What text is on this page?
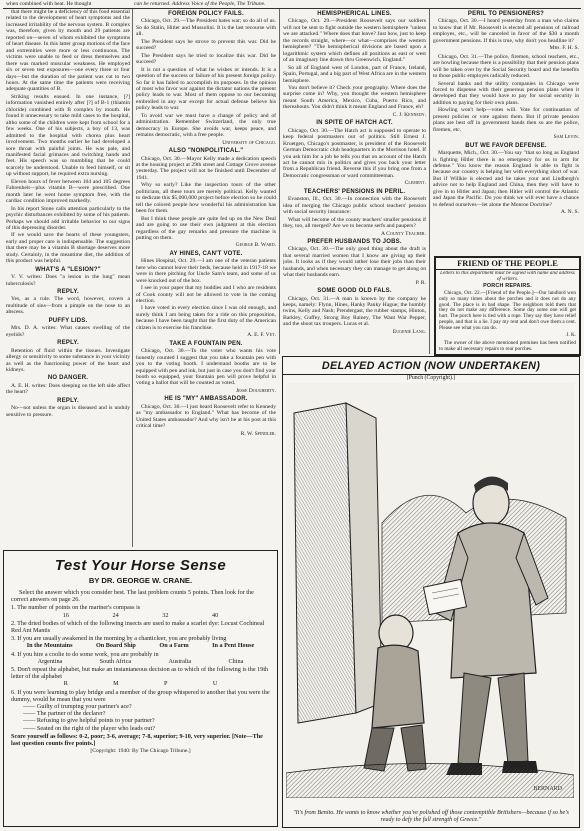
when combined with heat. He thought	can be returned. Address Voice of the People, The Tribune.

that there might be a deficiency of this food essential related to the development of heart symptoms and the increased irritability of the nervous system. B complex was, therefore, given by mouth and 29 patients are reported on—seven of whom exhibited the symptoms of heart disease. In this latter group motions of the face and extremities were more or less continuous. The victims were unable to feed or dress themselves and there was marked muscular weakness. He employed six or seven test exposures—one every three or four days—but the duration of the patient was cut to two hours. At the same time the patients were receiving adequate quantities of B.

Striking results ensued. In one instance, [?] information vanished entirely after [?] of B-1 (thiamin chloride) combined with B complex by mouth. He found it unnecessary to take mild cases to the hospital, altho some of the children were kept from school for a few weeks. One of his subjects, a boy of 13, was admitted to the hospital with chorea plus heart involvement. Two months earlier he had developed a sore throat with painful joints. He was pale, and manifested facial grimaces and twitching hands and feet. His speech was so mumbling that he could scarcely be understood. Unable to feed himself, or sit up without support, he required extra nursing.

Eleven hours of fever between 104 and 105 degrees Fahrenheit—plus vitamin B—were prescribed. One month later he went home symptom free, with the cardiac condition improved markedly.

In his report Stone calls attention particularly to the psychic disturbances exhibited by some of his patients. Perhaps we should add irritable behavior to our signs of this depressing disorder.

If we would save the hearts of these youngsters, early and proper care is indispensable. The suggestion that there may be a vitamin B shortage deserves more study. Certainly, in the meantime diet, the addition of this product was helpful.

WHAT'S A "LESION?"

V. V. writes: Does "a lesion in the lung" mean tuberculosis?

REPLY.

Yes, as a rule. The word, however, covers a multitude of sins—from a pimple on the nose to an abscess.

PUFFY LIDS.

Mrs. D. A. writes: What causes swelling of the eyelids?

REPLY.

Retention of fluid within the tissues. Investigate allergy or sensitivity to some substance in your vicinity as well as the functioning power of the heart and kidneys.

NO DANGER.

A. E. H. writes: Does sleeping on the left side affect the heart?

REPLY.

No—not unless the organ is diseased and is unduly sensitive to pressure.

FOREIGN POLICY FAILS.

Chicago, Oct. 29.—The President hates war; so do all of us. So do Stalin, Hitler and Mussolini. It is the last recourse with all.

The President says he strove to prevent this war. Did he succeed?

The President says he tried to localize this war. Did he succeed?

It is not a question of what he wishes or intends. It is a question of the success or failure of his present foreign policy. So far it has failed to accomplish its purposes. In the opinion of most who favor war against the dictator nations the present policy leads to war. Most of them oppose to our becoming embroiled in any war except for actual defense believe his policy leads to war.

To avoid war we must have a change of policy and of administration. Remember Switzerland, the only true democracy in Europe. She avoids war, keeps peace, and remains democratic, with a free people.

University of Chicago.
ALSO "NONPOLITICAL."

Chicago, Oct. 30.—Mayor Kelly made a dedication speech at the housing project at 29th street and Cottage Grove avenue yesterday. The project will not be finished until December of 1941.

Why so early? Like the inspection tours of the other politicians, all these tours are merely political. Kelly wanted to dedicate this $5,000,000 project before election so he could tell the colored people how wonderful his administration has been for them.

But I think these people are quite fed up on the New Deal and are going to use their own judgment at this election regardless of the gay remarks and pressure the machine is putting on them.

George B. Ward.
AY HINES, CAN'T VOTE.

Hines Hospital, Oct. 29.—I am one of the veteran patients here who cannot leave their beds, because held in 1917-18 we were in there pitching for Uncle Sam's team, and some of us were knocked out of the box.

I see in your paper that my buddies and I who are residents of Cook county will not be allowed to vote in the coming election.

I have voted in every election since I was old enough, and surely think I am being taken for a ride on this proposition, because I have been taught that the first duty of the American citizen is to exercise his franchise.

A. E. F. Vet.
TAKE A FOUNTAIN PEN.

Chicago, Oct. 30.—To the voter who wants his vote honestly counted I suggest that you take a fountain pen with you to the voting booth. I understand booths are to be equipped with pen and ink, but just in case you don't find your booth so equipped, your fountain pen will prove helpful in voting a ballot that will be counted as voted.

Jesse Dougherty.
HE IS "MY" AMBASSADOR.

Chicago, Oct. 30.—I just heard Roosevelt refer to Kennedy as "my ambassador to England." What has become of the United States ambassador? And why isn't he at his post at this critical time?

R. W. Spindler.
HEMISPHERICAL LINES.

Chicago, Oct. 29.—President Roosevelt says our soldiers will not be sent to fight outside the western hemisphere "unless we are attacked." Where does that leave? Just how, just to keep the records straight, where—or what—comprises the western hemisphere? "The hemispherical divisions are based upon a logarithmic system which defines all positions as east or west of an imaginary line drawn thru Greenwich, England."

So all of England west of London, part of France, Ireland, Spain, Portugal, and a big part of West Africa are in the western hemisphere.

You don't believe it? Check your geography. Where does the surprise come in? Why, you thought the western hemisphere meant South America, Mexico, Cuba, Puerto Rico, and thereabouts. You didn't think it meant England and France, eh?

C. J. Kennedy.
IN SPITE OF HATCH ACT.

Chicago, Oct. 30.—The Hatch act is supposed to operate to keep federal postmasters out of politics. Still Ernest J. Kruetgen, Chicago's postmaster, is president of the Roosevelt German Democratic club headquarters in the Morrison hotel. If you ask him for a job he tells you that on account of the Hatch act he cannot mix in politics and gives you back your letter from a Republican friend. Reverse this if you bring one from a Democratic congressman or ward committeeman.

Clement.
TEACHERS' PENSIONS IN PERIL.

Evanston, Ill., Oct. 30.—In connection with the Roosevelt idea of merging the Chicago public school teachers' pension with social security insurance:

What will become of the county teachers' smaller pensions if they, too, all merged? Are we to become serfs and paupers?

A County Teacher.
PREFER HUSBANDS TO JOBS.

Chicago, Oct. 30.—The only good thing about the draft is that several married women that I know are giving up their jobs. It looks as if they would rather lose their jobs than their husbands, and when necessary they can manage to get along on what their husbands earn.

P. R.
SOME GOOD OLD FALS.

Chicago, Oct. 31.—A man is known by the company he keeps, namely: Flynn, Hines, Hanky Panky Hague; the humbly twins, Kelly and Nash; Prendergast, the rubber stamps, Hinton, Barkley, Guffey, Strong Boy Rainey, The Want War Pepper, and the shoot tax troupers. Lucas et al.

Eugenie Lang.
PERIL TO PENSIONERS?

Chicago, Oct. 30.—I heard yesterday from a man who claims to know that if Mr. Roosevelt is elected all pensions of railroad employes, etc., will be canceled in favor of the $30 a month government pensions. If this is true, why don't you headline it?

Mrs. F. H. S.

Chicago, Oct. 31.—The police, firemen, school teachers, etc., are howling because there is a possibility that their pension plans will be taken over by the Social Security board and the benefits to those public employes radically reduced.

Several banks and the utility companies in Chicago were forced to dispense with their generous pension plans when it developed that they would have to pay for social security in addition to paying for their own plans.

Howling won't help—votes will. Vote for continuation of present policies or vote against them. But if private pension plans are best off in government hands then so are the police, firemen, etc.

Sam Levin.
BUT WE FAVOR DEFENSE.

Marquette, Mich., Oct. 30.—You say "that so long as England is fighting Hitler there is no emergency for us to arm for defense." You know the reason England is able to fight is because our country is helping her with everything short of war. But if Willkie is elected and he takes your and Lindbergh's advice not to help England and China, then they will have to give in to Hitler and Japan; then Hitler will control the Atlantic and Japan the Pacific. Do you think we will ever have a chance to defend ourselves—let alone the Monroe Doctrine?

A. N. S.
FRIEND OF THE PEOPLE
Letters to this department must be signed with name and address of writers.
PORCH REPAIRS.

Chicago, Oct. 22.—[Friend of the People.]—Our landlord won only so many times about the porches and it does not do any good. The place is in bad shape. The neighbors told them that they do not make any difference. Some day some one will get hurt. The porch here is tied with a rope. They say they have relief people, and that is a lie. I pay my rent and don't owe them a cent. Please see what you can do.

J. K.

The owner of the above mentioned premises has been notified to make all necessary repairs to rear porches.

DELAYED ACTION (NOW UNDERTAKEN)
[Punch (Copyright).]
BERNARD
"It's from Benito. He wants to know whether you've polished off those contemptible Britishers—because if so he's ready to defy the full strength of Greece."
Test Your Horse Sense
BY DR. GEORGE W. CRANE.
Select the answer which you consider best. The last problem counts 5 points. Then look for the correct answers on page 26.
1. The number of points on the mariner's compass is
16	24	32	40
2. The dried bodies of which of the following insects are used to make a scarlet dye: Locust Cochineal Red Ant Mantis
3. If you are usually awakened in the morning by a chanticleer, you are probably living
In the Mountains	On Board Ship	On a Farm	In a Pent House
4. If you hire a coolie to do some work, you are probably in
Argentina	South Africa	Australia	China
5. Don't repeat the alphabet, but make an instantaneous decision as to which of the following is the 19th letter of the alphabet
R	M	P	U
6. If you were learning to play bridge and a member of the group whispered to another that you were the dummy, would he mean that you were
—— Guilty of trumping your partner's ace?
—— The partner of the declarer?
—— Refusing to give helpful points to your partner?
—— Seated on the right of the player who leads out?
Score yourself as follows: 0-2, poor; 3-6, average; 7-8, superior; 9-10, very superior. [Note—The last question counts five points.]
[Copyright: 1940: By The Chicago Tribune.]
